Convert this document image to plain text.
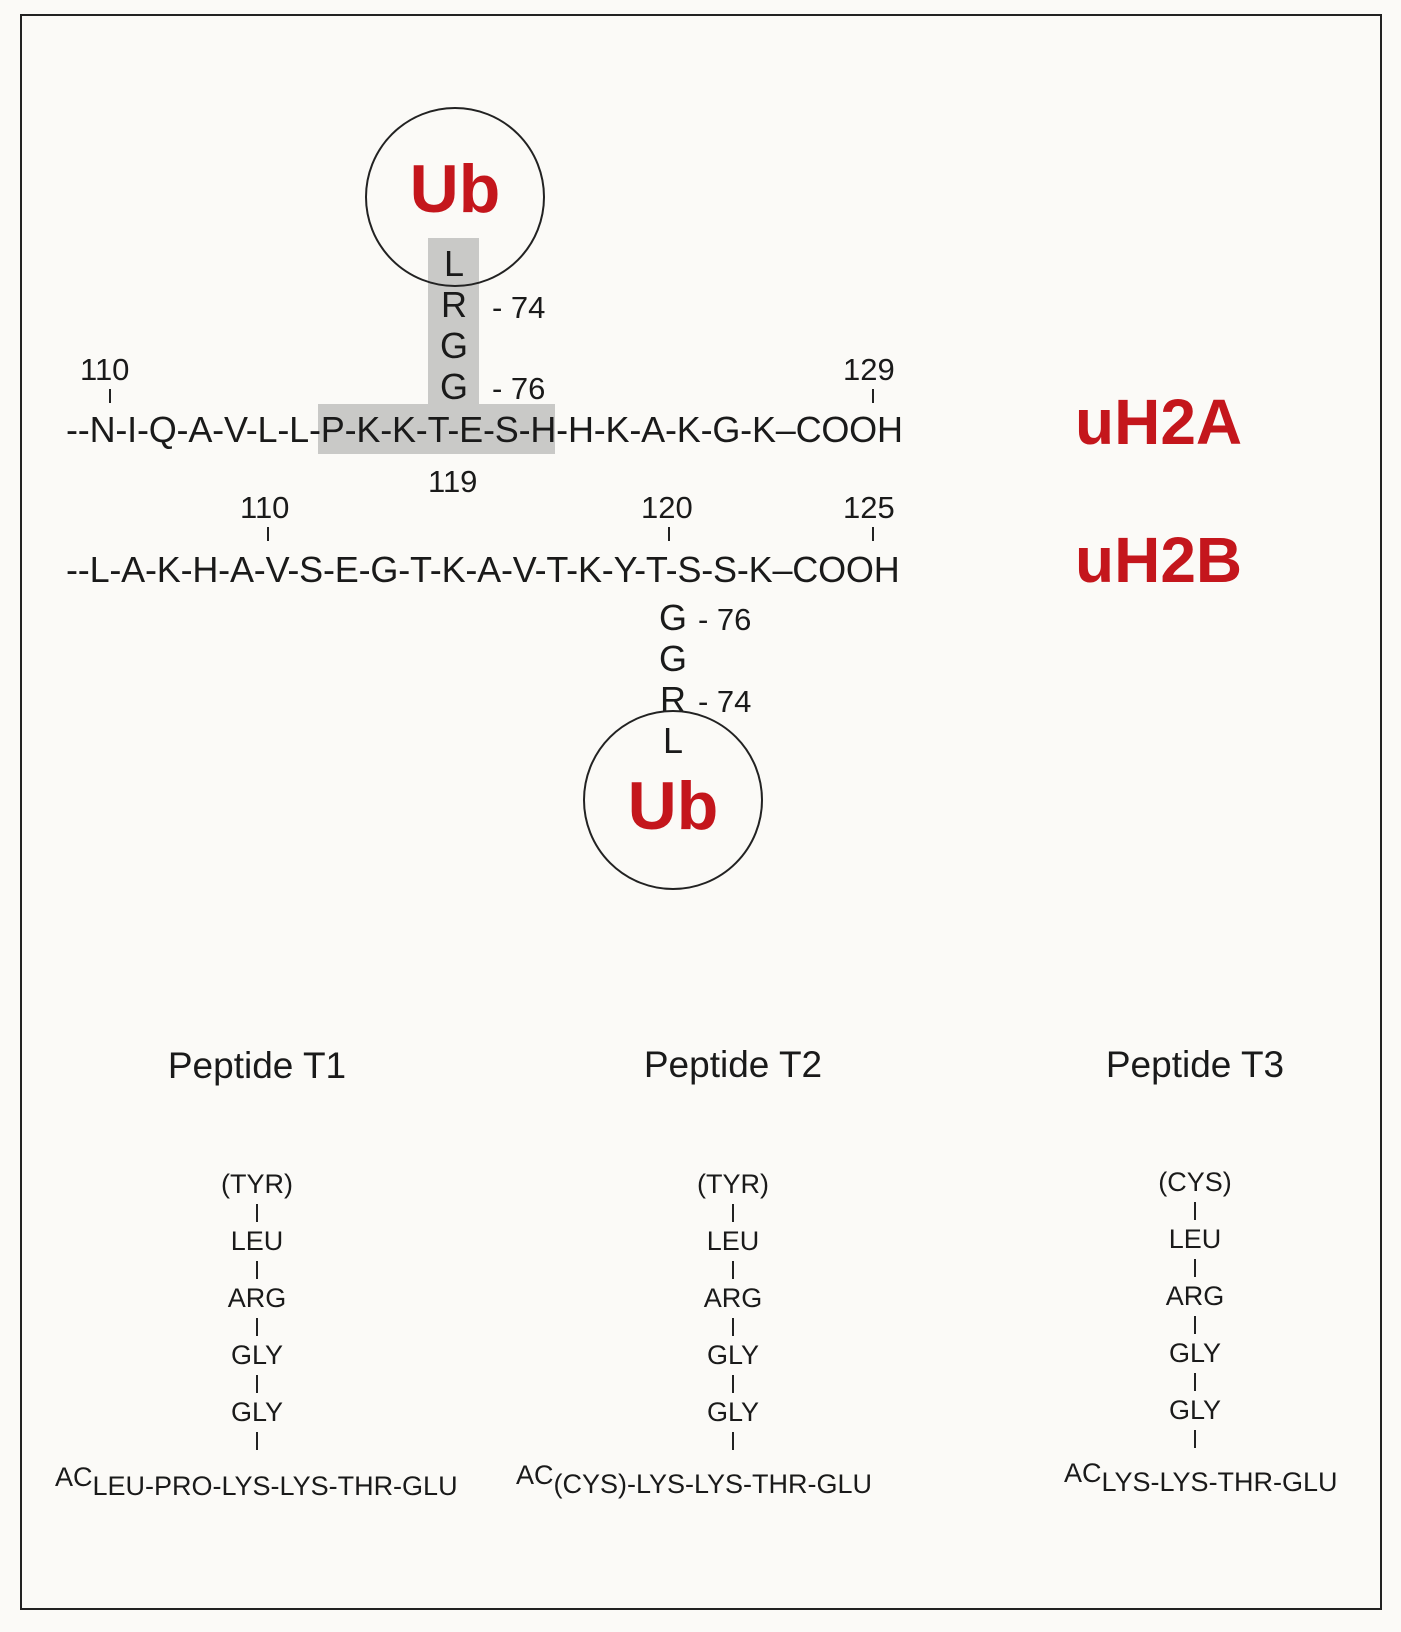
Ub
L
R
G
G
- 74
- 76
110	129
--N-I-Q-A-V-L-L-P-K-K-T-E-S-H-H-K-A-K-G-K–COOH
119
uH2A
110	120	125
--L-A-K-H-A-V-S-E-G-T-K-A-V-T-K-Y-T-S-S-K–COOH	uH2B
G
G
R
L
- 76
- 74
Ub
Peptide T1
(TYR)
LEU
ARG
GLY
GLY
$^{AC}$LEU-PRO-LYS-LYS-THR-GLU
Peptide T2
(TYR)
LEU
ARG
GLY
GLY
$^{AC}$(CYS)-LYS-LYS-THR-GLU
Peptide T3
(CYS)
LEU
ARG
GLY
GLY
$^{AC}$LYS-LYS-THR-GLU
